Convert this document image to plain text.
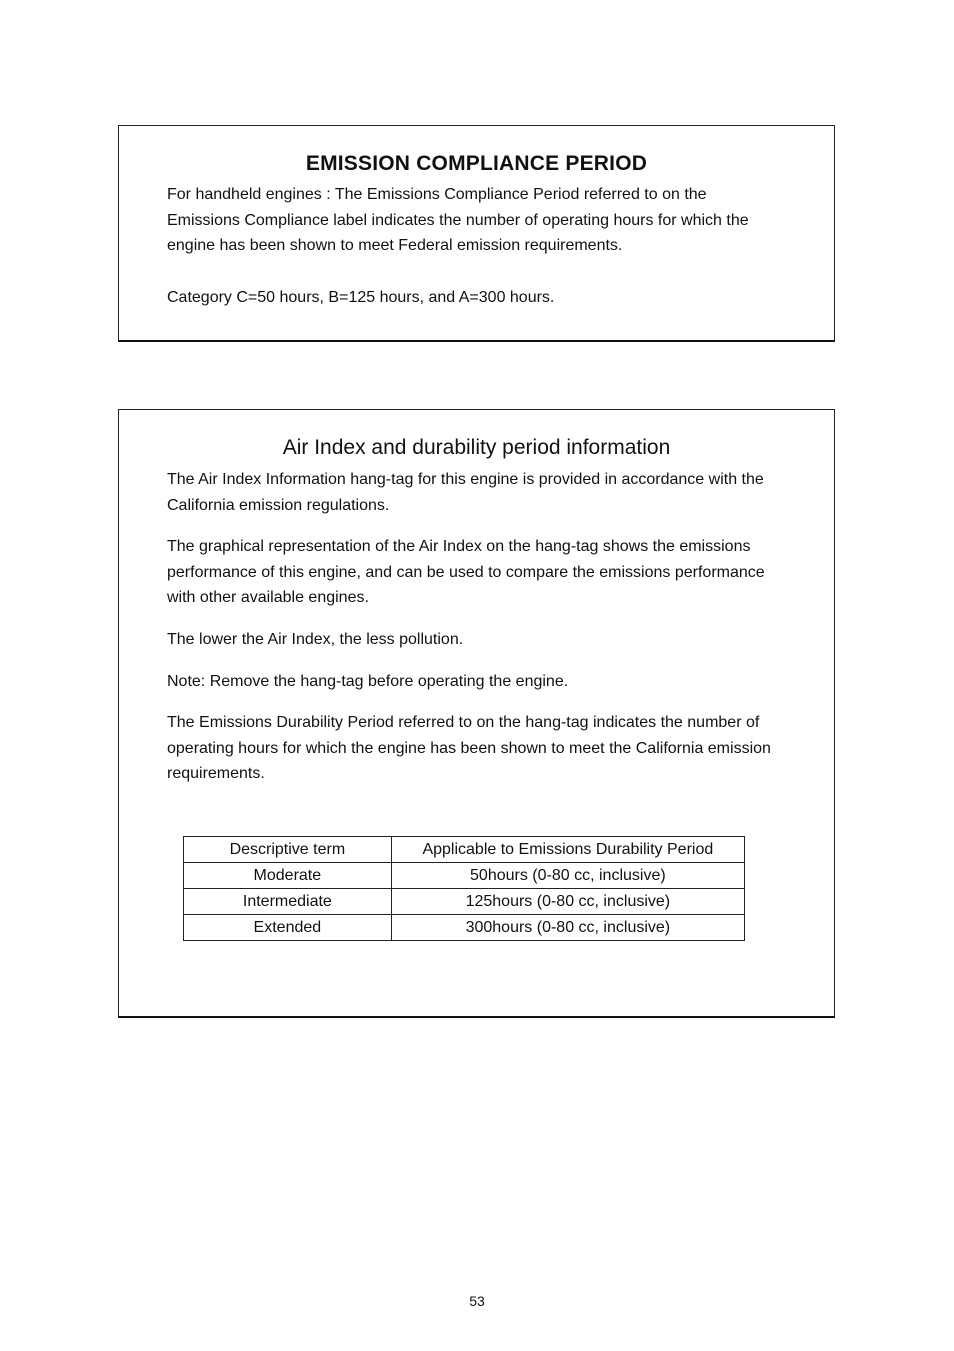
EMISSION COMPLIANCE PERIOD

For handheld engines : The Emissions Compliance Period referred to on the Emissions Compliance label indicates the number of operating hours for which the engine has been shown to meet Federal emission requirements.

Category C=50 hours, B=125 hours, and A=300 hours.

Air Index and durability period information

The Air Index Information hang-tag for this engine is provided in accordance with the California emission regulations.

The graphical representation of the Air Index on the hang-tag shows the emissions performance of this engine, and can be used to compare the emissions performance with other available engines.

The lower the Air Index, the less pollution.

Note: Remove the hang-tag before operating the engine.

The Emissions Durability Period referred to on the hang-tag indicates the number of operating hours for which the engine has been shown to meet the California emission requirements.

Descriptive term	Applicable to Emissions Durability Period
Moderate	50hours (0-80 cc, inclusive)
Intermediate	125hours (0-80 cc, inclusive)
Extended	300hours (0-80 cc, inclusive)
53
